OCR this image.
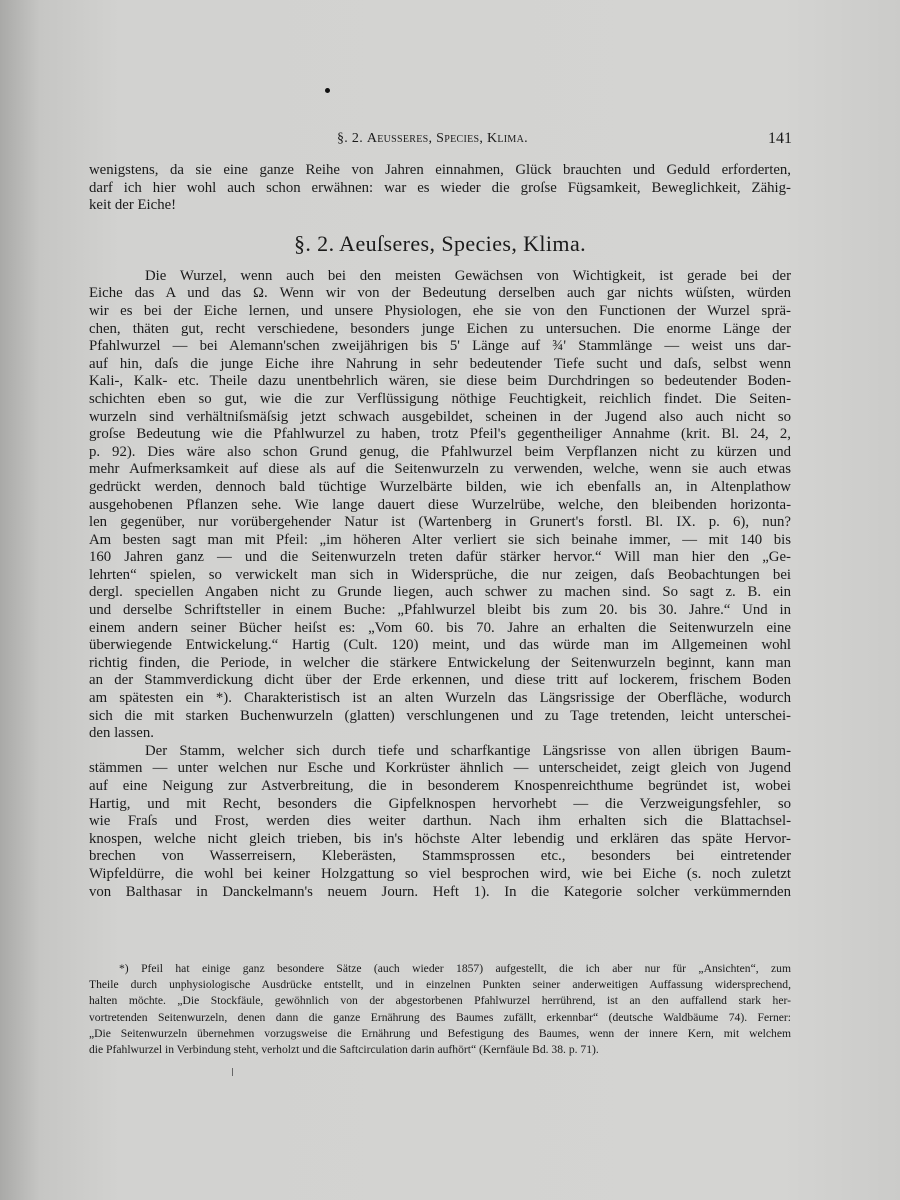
§. 2. Aeusseres, Species, Klima.	141
wenigstens, da sie eine ganze Reihe von Jahren einnahmen, Glück brauchten und Geduld erforderten,
darf ich hier wohl auch schon erwähnen: war es wieder die groſse Fügsamkeit, Beweglichkeit, Zähig-
keit der Eiche!
§. 2. Aeuſseres, Species, Klima.
Die Wurzel, wenn auch bei den meisten Gewächsen von Wichtigkeit, ist gerade bei der
Eiche das A und das Ω. Wenn wir von der Bedeutung derselben auch gar nichts wüſsten, würden
wir es bei der Eiche lernen, und unsere Physiologen, ehe sie von den Functionen der Wurzel sprä-
chen, thäten gut, recht verschiedene, besonders junge Eichen zu untersuchen. Die enorme Länge der
Pfahlwurzel — bei Alemann'schen zweijährigen bis 5' Länge auf ¾' Stammlänge — weist uns dar-
auf hin, daſs die junge Eiche ihre Nahrung in sehr bedeutender Tiefe sucht und daſs, selbst wenn
Kali-, Kalk- etc. Theile dazu unentbehrlich wären, sie diese beim Durchdringen so bedeutender Boden-
schichten eben so gut, wie die zur Verflüssigung nöthige Feuchtigkeit, reichlich findet. Die Seiten-
wurzeln sind verhältniſsmäſsig jetzt schwach ausgebildet, scheinen in der Jugend also auch nicht so
groſse Bedeutung wie die Pfahlwurzel zu haben, trotz Pfeil's gegentheiliger Annahme (krit. Bl. 24, 2,
p. 92). Dies wäre also schon Grund genug, die Pfahlwurzel beim Verpflanzen nicht zu kürzen und
mehr Aufmerksamkeit auf diese als auf die Seitenwurzeln zu verwenden, welche, wenn sie auch etwas
gedrückt werden, dennoch bald tüchtige Wurzelbärte bilden, wie ich ebenfalls an, in Altenplathow
ausgehobenen Pflanzen sehe. Wie lange dauert diese Wurzelrübe, welche, den bleibenden horizonta-
len gegenüber, nur vorübergehender Natur ist (Wartenberg in Grunert's forstl. Bl. IX. p. 6), nun?
Am besten sagt man mit Pfeil: „im höheren Alter verliert sie sich beinahe immer, — mit 140 bis
160 Jahren ganz — und die Seitenwurzeln treten dafür stärker hervor.“ Will man hier den „Ge-
lehrten“ spielen, so verwickelt man sich in Widersprüche, die nur zeigen, daſs Beobachtungen bei
dergl. speciellen Angaben nicht zu Grunde liegen, auch schwer zu machen sind. So sagt z. B. ein
und derselbe Schriftsteller in einem Buche: „Pfahlwurzel bleibt bis zum 20. bis 30. Jahre.“ Und in
einem andern seiner Bücher heiſst es: „Vom 60. bis 70. Jahre an erhalten die Seitenwurzeln eine
überwiegende Entwickelung.“ Hartig (Cult. 120) meint, und das würde man im Allgemeinen wohl
richtig finden, die Periode, in welcher die stärkere Entwickelung der Seitenwurzeln beginnt, kann man
an der Stammverdickung dicht über der Erde erkennen, und diese tritt auf lockerem, frischem Boden
am spätesten ein *). Charakteristisch ist an alten Wurzeln das Längsrissige der Oberfläche, wodurch
sich die mit starken Buchenwurzeln (glatten) verschlungenen und zu Tage tretenden, leicht unterschei-
den lassen.
Der Stamm, welcher sich durch tiefe und scharfkantige Längsrisse von allen übrigen Baum-
stämmen — unter welchen nur Esche und Korkrüster ähnlich — unterscheidet, zeigt gleich von Jugend
auf eine Neigung zur Astverbreitung, die in besonderem Knospenreichthume begründet ist, wobei
Hartig, und mit Recht, besonders die Gipfelknospen hervorhebt — die Verzweigungsfehler, so
wie Fraſs und Frost, werden dies weiter darthun. Nach ihm erhalten sich die Blattachsel-
knospen, welche nicht gleich trieben, bis in's höchste Alter lebendig und erklären das späte Hervor-
brechen von Wasserreisern, Kleberästen, Stammsprossen etc., besonders bei eintretender
Wipfeldürre, die wohl bei keiner Holzgattung so viel besprochen wird, wie bei Eiche (s. noch zuletzt
von Balthasar in Danckelmann's neuem Journ. Heft 1). In die Kategorie solcher verkümmernden
*) Pfeil hat einige ganz besondere Sätze (auch wieder 1857) aufgestellt, die ich aber nur für „Ansichten“, zum
Theile durch unphysiologische Ausdrücke entstellt, und in einzelnen Punkten seiner anderweitigen Auffassung widersprechend,
halten möchte. „Die Stockfäule, gewöhnlich von der abgestorbenen Pfahlwurzel herrührend, ist an den auffallend stark her-
vortretenden Seitenwurzeln, denen dann die ganze Ernährung des Baumes zufällt, erkennbar“ (deutsche Waldbäume 74). Ferner:
„Die Seitenwurzeln übernehmen vorzugsweise die Ernährung und Befestigung des Baumes, wenn der innere Kern, mit welchem
die Pfahlwurzel in Verbindung steht, verholzt und die Saftcirculation darin aufhört“ (Kernfäule Bd. 38. p. 71).
